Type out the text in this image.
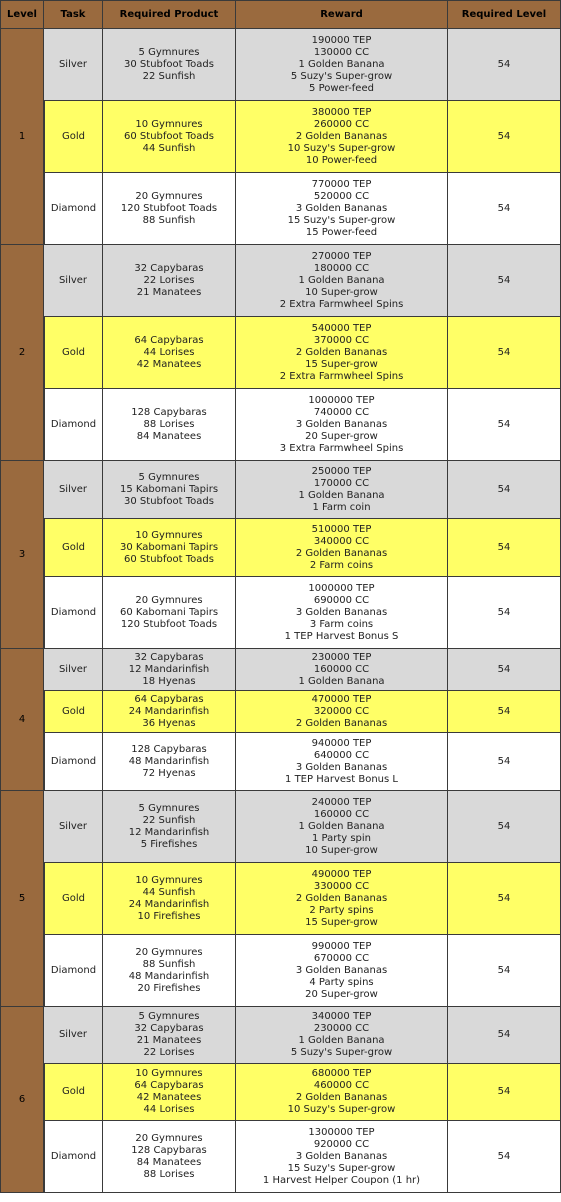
Level	Task	Required Product	Reward	Required Level
1	Silver	5 Gymnures
30 Stubfoot Toads
22 Sunfish	190000 TEP
130000 CC
1 Golden Banana
5 Suzy's Super-grow
5 Power-feed	54
	Gold	10 Gymnures
60 Stubfoot Toads
44 Sunfish	380000 TEP
260000 CC
2 Golden Bananas
10 Suzy's Super-grow
10 Power-feed	54
	Diamond	20 Gymnures
120 Stubfoot Toads
88 Sunfish	770000 TEP
520000 CC
3 Golden Bananas
15 Suzy's Super-grow
15 Power-feed	54
2	Silver	32 Capybaras
22 Lorises
21 Manatees	270000 TEP
180000 CC
1 Golden Banana
10 Super-grow
2 Extra Farmwheel Spins	54
	Gold	64 Capybaras
44 Lorises
42 Manatees	540000 TEP
370000 CC
2 Golden Bananas
15 Super-grow
2 Extra Farmwheel Spins	54
	Diamond	128 Capybaras
88 Lorises
84 Manatees	1000000 TEP
740000 CC
3 Golden Bananas
20 Super-grow
3 Extra Farmwheel Spins	54
3	Silver	5 Gymnures
15 Kabomani Tapirs
30 Stubfoot Toads	250000 TEP
170000 CC
1 Golden Banana
1 Farm coin	54
	Gold	10 Gymnures
30 Kabomani Tapirs
60 Stubfoot Toads	510000 TEP
340000 CC
2 Golden Bananas
2 Farm coins	54
	Diamond	20 Gymnures
60 Kabomani Tapirs
120 Stubfoot Toads	1000000 TEP
690000 CC
3 Golden Bananas
3 Farm coins
1 TEP Harvest Bonus S	54
4	Silver	32 Capybaras
12 Mandarinfish
18 Hyenas	230000 TEP
160000 CC
1 Golden Banana	54
	Gold	64 Capybaras
24 Mandarinfish
36 Hyenas	470000 TEP
320000 CC
2 Golden Bananas	54
	Diamond	128 Capybaras
48 Mandarinfish
72 Hyenas	940000 TEP
640000 CC
3 Golden Bananas
1 TEP Harvest Bonus L	54
5	Silver	5 Gymnures
22 Sunfish
12 Mandarinfish
5 Firefishes	240000 TEP
160000 CC
1 Golden Banana
1 Party spin
10 Super-grow	54
	Gold	10 Gymnures
44 Sunfish
24 Mandarinfish
10 Firefishes	490000 TEP
330000 CC
2 Golden Bananas
2 Party spins
15 Super-grow	54
	Diamond	20 Gymnures
88 Sunfish
48 Mandarinfish
20 Firefishes	990000 TEP
670000 CC
3 Golden Bananas
4 Party spins
20 Super-grow	54
6	Silver	5 Gymnures
32 Capybaras
21 Manatees
22 Lorises	340000 TEP
230000 CC
1 Golden Banana
5 Suzy's Super-grow	54
	Gold	10 Gymnures
64 Capybaras
42 Manatees
44 Lorises	680000 TEP
460000 CC
2 Golden Bananas
10 Suzy's Super-grow	54
	Diamond	20 Gymnures
128 Capybaras
84 Manatees
88 Lorises	1300000 TEP
920000 CC
3 Golden Bananas
15 Suzy's Super-grow
1 Harvest Helper Coupon (1 hr)	54
